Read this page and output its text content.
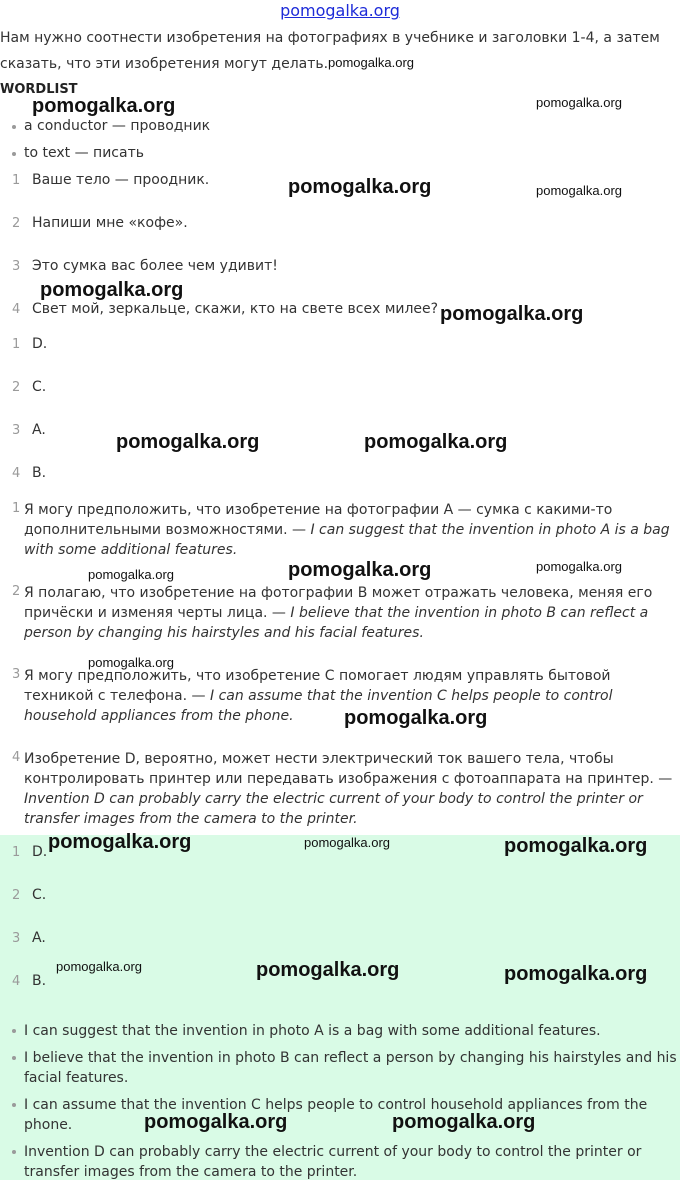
pomogalka.org
Нам нужно соотнести изобретения на фотографиях в учебнике и заголовки 1-4, а затем сказать, что эти изобретения могут делать.
WORDLIST
a conductor — проводник
to text — писать
1 Ваше тело — проодник.
2 Напиши мне «кофе».
3 Это сумка вас более чем удивит!
4 Свет мой, зеркальце, скажи, кто на свете всех милее?
1 D.
2 C.
3 A.
4 B.
1 Я могу предположить, что изобретение на фотографии A — сумка с какими-то дополнительными возможностями. — I can suggest that the invention in photo A is a bag with some additional features.
2 Я полагаю, что изобретение на фотографии B может отражать человека, меняя его причёски и изменяя черты лица. — I believe that the invention in photo B can reflect a person by changing his hairstyles and his facial features.
3 Я могу предположить, что изобретение C помогает людям управлять бытовой техникой с телефона. — I can assume that the invention C helps people to control household appliances from the phone.
4 Изобретение D, вероятно, может нести электрический ток вашего тела, чтобы контролировать принтер или передавать изображения с фотоаппарата на принтер. — Invention D can probably carry the electric current of your body to control the printer or transfer images from the camera to the printer.
1 D.
2 C.
3 A.
4 B.
I can suggest that the invention in photo A is a bag with some additional features.
I believe that the invention in photo B can reflect a person by changing his hairstyles and his facial features.
I can assume that the invention C helps people to control household appliances from the phone.
Invention D can probably carry the electric current of your body to control the printer or transfer images from the camera to the printer.
pomogalka.org
pomogalka.org	pomogalka.org
pomogalka.org	pomogalka.org
pomogalka.org
pomogalka.org
pomogalka.org	pomogalka.org
pomogalka.org	pomogalka.org	pomogalka.org
pomogalka.org
pomogalka.org
pomogalka.org	pomogalka.org	pomogalka.org
pomogalka.org	pomogalka.org	pomogalka.org
pomogalka.org	pomogalka.org
